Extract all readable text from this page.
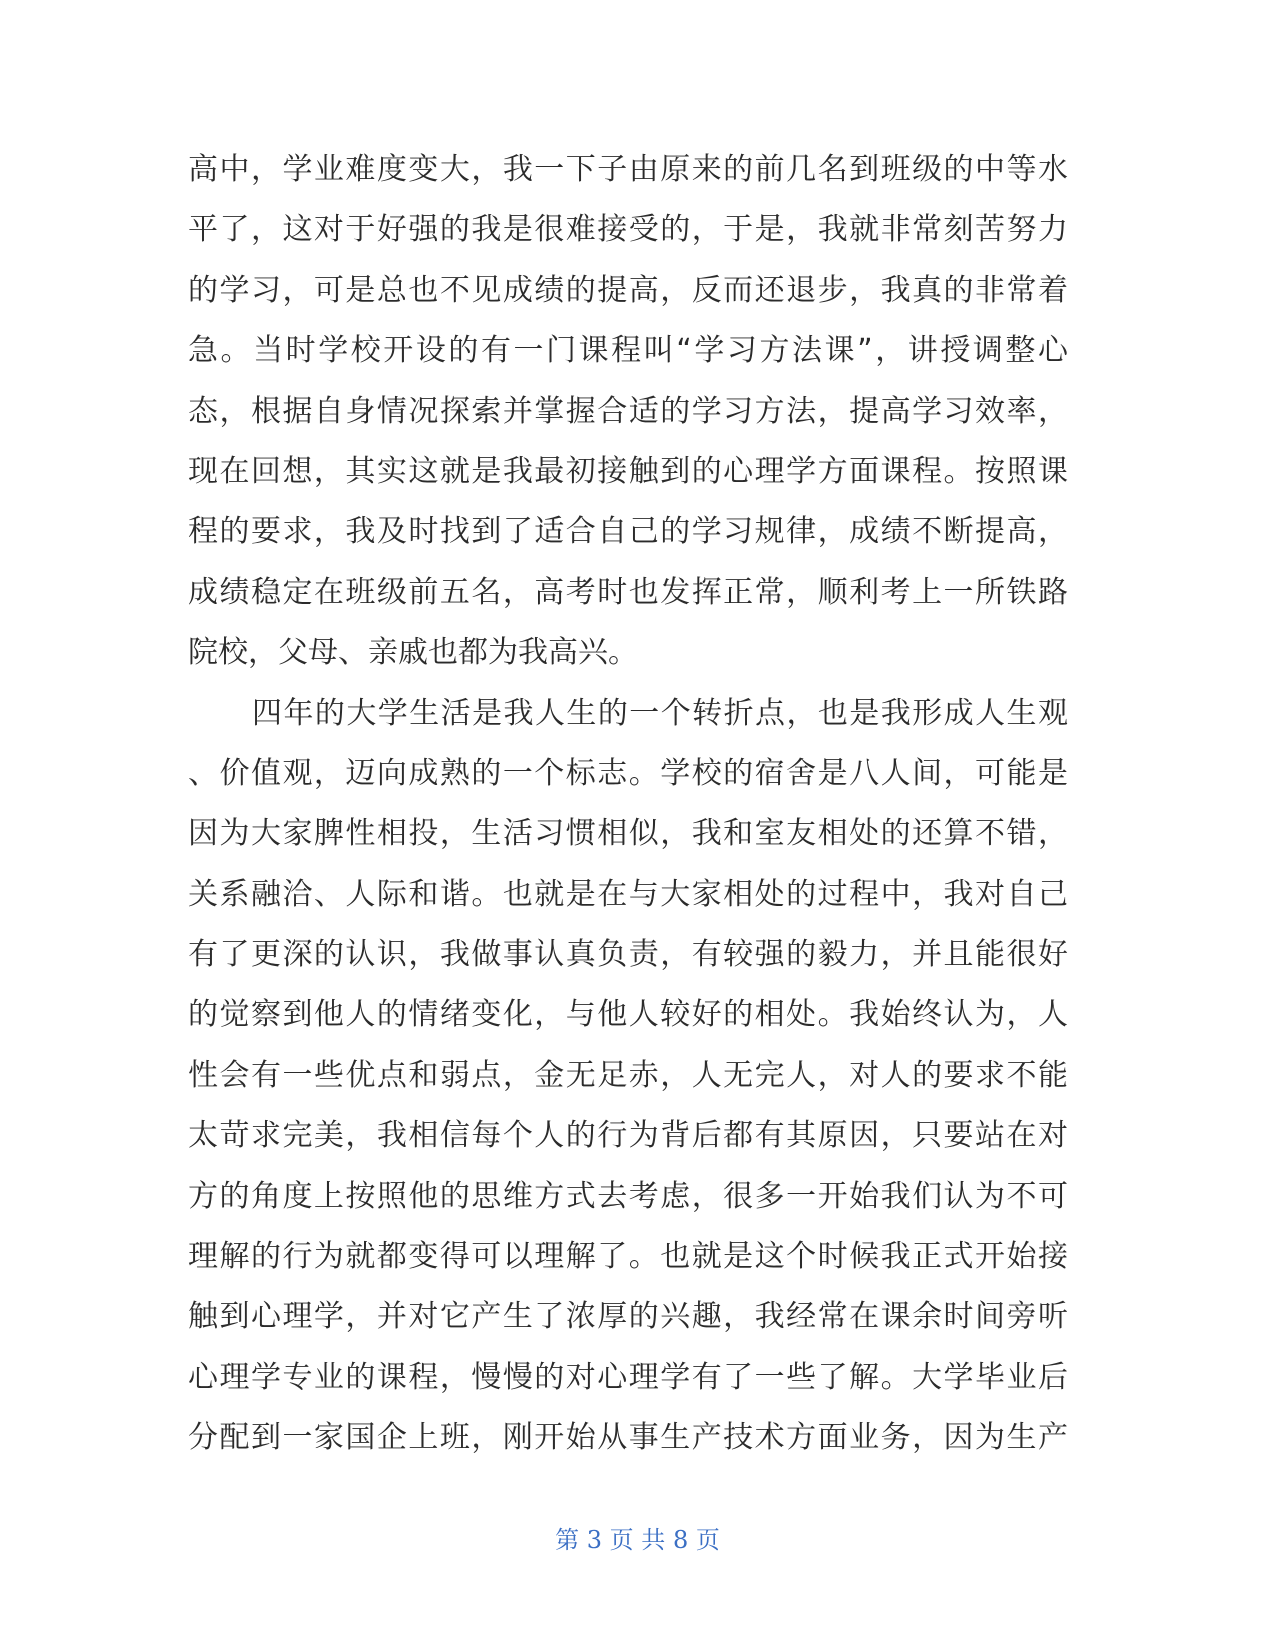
高中，学业难度变大，我一下子由原来的前几名到班级的中等水
平了，这对于好强的我是很难接受的，于是，我就非常刻苦努力
的学习，可是总也不见成绩的提高，反而还退步，我真的非常着
急。当时学校开设的有一门课程叫“学习方法课”，讲授调整心
态，根据自身情况探索并掌握合适的学习方法，提高学习效率，
现在回想，其实这就是我最初接触到的心理学方面课程。按照课
程的要求，我及时找到了适合自己的学习规律，成绩不断提高，
成绩稳定在班级前五名，高考时也发挥正常，顺利考上一所铁路
院校，父母、亲戚也都为我高兴。
四年的大学生活是我人生的一个转折点，也是我形成人生观
、价值观，迈向成熟的一个标志。学校的宿舍是八人间，可能是
因为大家脾性相投，生活习惯相似，我和室友相处的还算不错，
关系融洽、人际和谐。也就是在与大家相处的过程中，我对自己
有了更深的认识，我做事认真负责，有较强的毅力，并且能很好
的觉察到他人的情绪变化，与他人较好的相处。我始终认为，人
性会有一些优点和弱点，金无足赤，人无完人，对人的要求不能
太苛求完美，我相信每个人的行为背后都有其原因，只要站在对
方的角度上按照他的思维方式去考虑，很多一开始我们认为不可
理解的行为就都变得可以理解了。也就是这个时候我正式开始接
触到心理学，并对它产生了浓厚的兴趣，我经常在课余时间旁听
心理学专业的课程，慢慢的对心理学有了一些了解。大学毕业后
分配到一家国企上班，刚开始从事生产技术方面业务，因为生产
第 3 页 共 8 页
